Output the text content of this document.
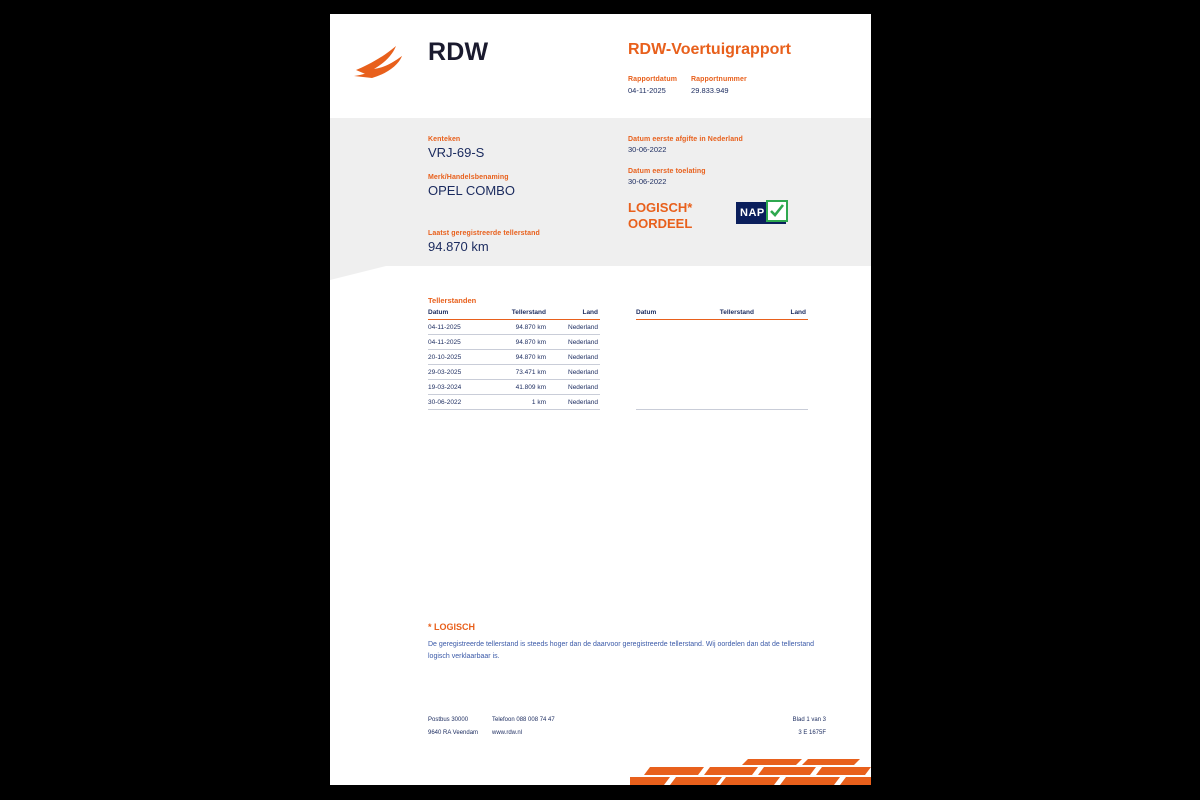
RDW	RDW-Voertuigrapport
Rapportdatum
04-11-2025
Rapportnummer
29.833.949
Kenteken
VRJ-69-S
Merk/Handelsbenaming
OPEL COMBO
Laatst geregistreerde tellerstand
94.870 km
Datum eerste afgifte in Nederland
30-06-2022
Datum eerste toelating
30-06-2022
LOGISCH*
OORDEEL
NAP
Tellerstanden
Datum	Tellerstand	Land
04-11-2025	94.870 km	Nederland
04-11-2025	94.870 km	Nederland
20-10-2025	94.870 km	Nederland
29-03-2025	73.471 km	Nederland
19-03-2024	41.809 km	Nederland
30-06-2022	1 km	Nederland
Datum	Tellerstand	Land

* LOGISCH
De geregistreerde tellerstand is steeds hoger dan de daarvoor geregistreerde tellerstand. Wij oordelen dan dat de tellerstand logisch verklaarbaar is.
Postbus 30000	Telefoon 088 008 74 47	Blad 1 van 3
9640 RA Veendam	www.rdw.nl	3 E 1675F
